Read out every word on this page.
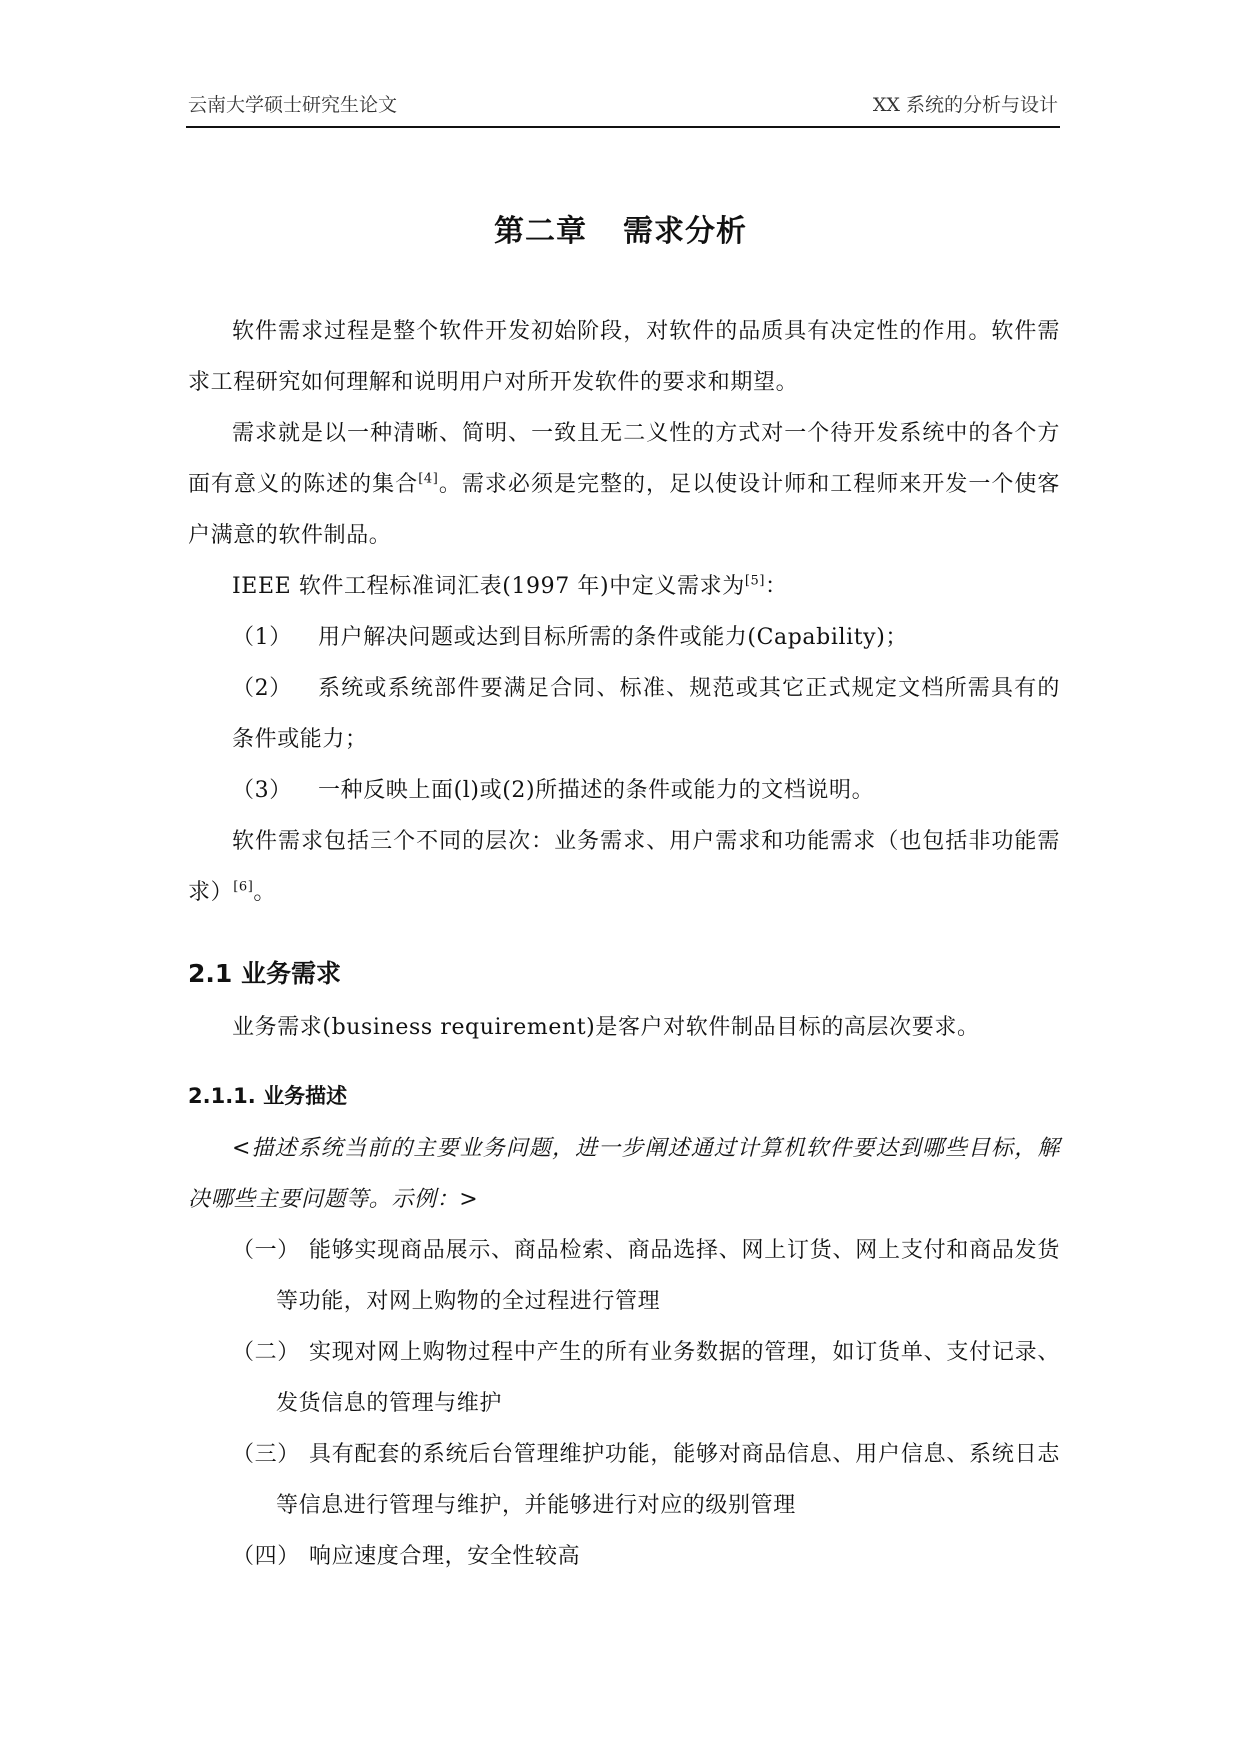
云南大学硕士研究生论文	XX 系统的分析与设计
第二章 需求分析

软件需求过程是整个软件开发初始阶段，对软件的品质具有决定性的作用。软件需求工程研究如何理解和说明用户对所开发软件的要求和期望。

需求就是以一种清晰、简明、一致且无二义性的方式对一个待开发系统中的各个方面有意义的陈述的集合[4]。需求必须是完整的，足以使设计师和工程师来开发一个使客户满意的软件制品。

IEEE 软件工程标准词汇表(1997 年)中定义需求为[5]：

（1） 用户解决问题或达到目标所需的条件或能力(Capability)；

（2）	系统或系统部件要满足合同、标准、规范或其它正式规定文档所需具有的条件或能力；

（3） 一种反映上面(l)或(2)所描述的条件或能力的文档说明。

软件需求包括三个不同的层次：业务需求、用户需求和功能需求（也包括非功能需求）[6]。

2.1 业务需求

业务需求(business requirement)是客户对软件制品目标的高层次要求。

2.1.1. 业务描述

<描述系统当前的主要业务问题，进一步阐述通过计算机软件要达到哪些目标，解决哪些主要问题等。示例：>

（一） 能够实现商品展示、商品检索、商品选择、网上订货、网上支付和商品发货等功能，对网上购物的全过程进行管理

（二） 实现对网上购物过程中产生的所有业务数据的管理，如订货单、支付记录、发货信息的管理与维护

（三） 具有配套的系统后台管理维护功能，能够对商品信息、用户信息、系统日志等信息进行管理与维护，并能够进行对应的级别管理

（四） 响应速度合理，安全性较高
